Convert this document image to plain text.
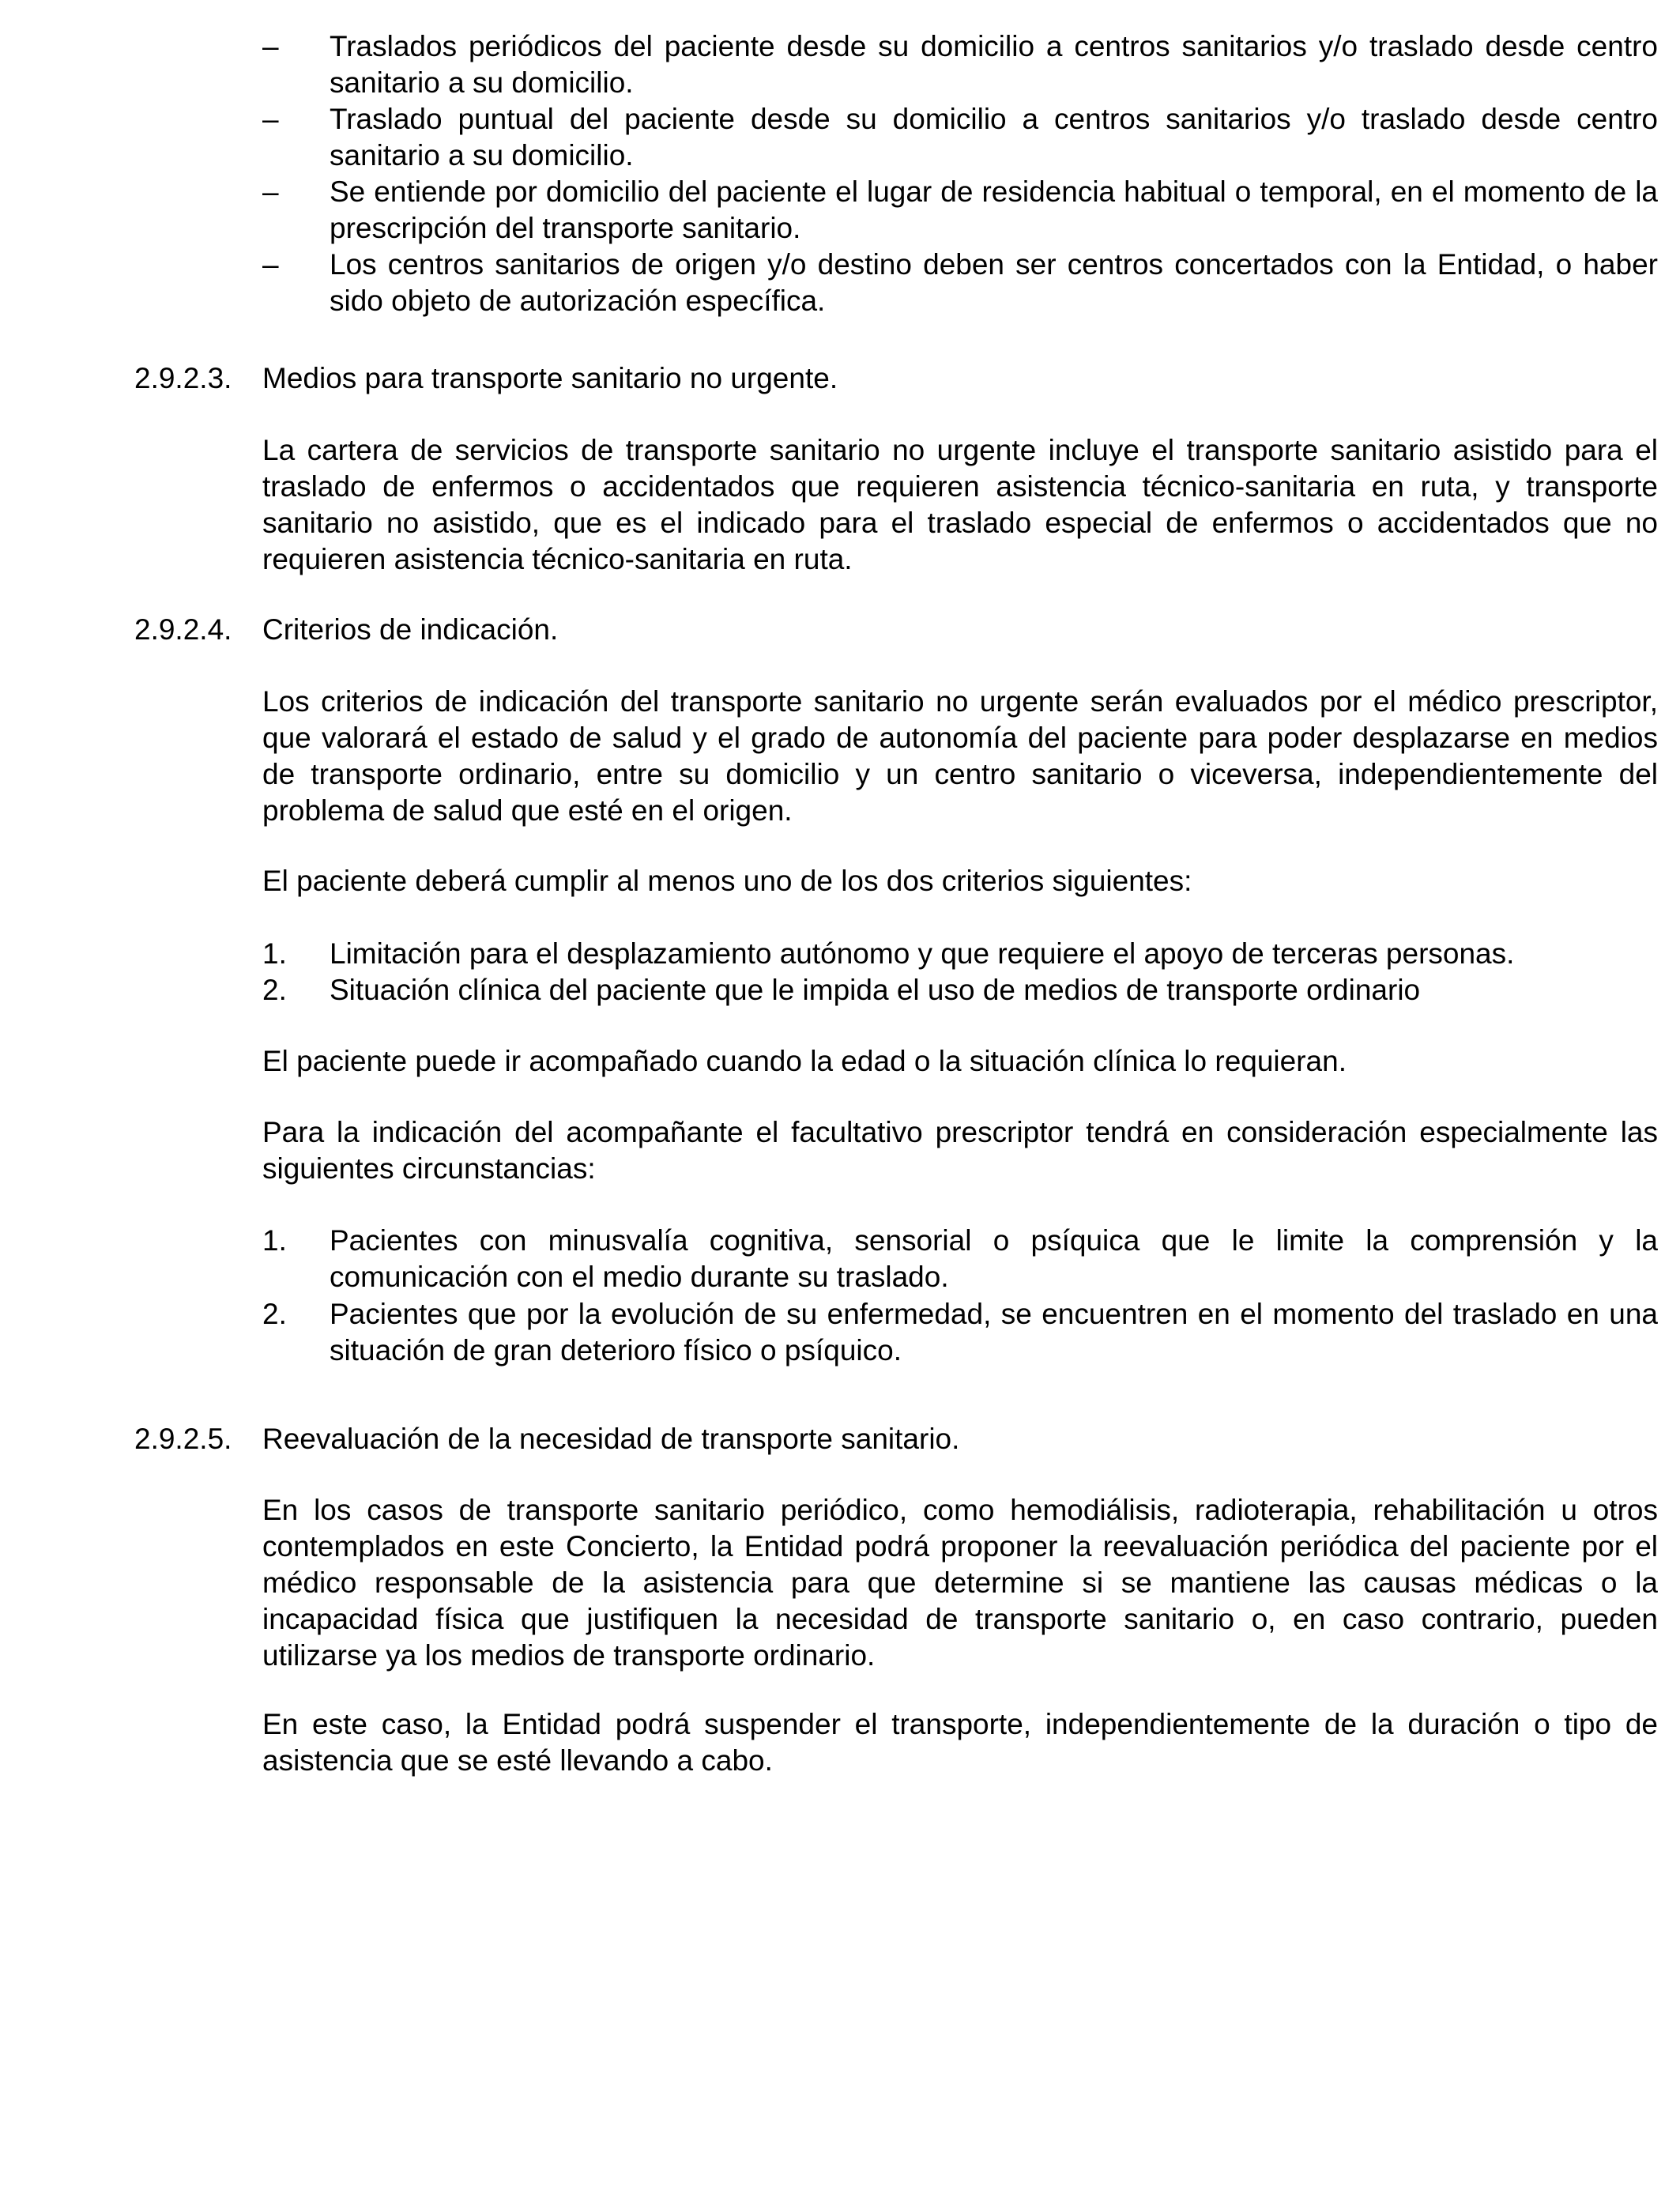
– Traslados periódicos del paciente desde su domicilio a centros sanitarios y/o traslado desde centro sanitario a su domicilio.
– Traslado puntual del paciente desde su domicilio a centros sanitarios y/o traslado desde centro sanitario a su domicilio.
– Se entiende por domicilio del paciente el lugar de residencia habitual o temporal, en el momento de la prescripción del transporte sanitario.
– Los centros sanitarios de origen y/o destino deben ser centros concertados con la Entidad, o haber sido objeto de autorización específica.
2.9.2.3. Medios para transporte sanitario no urgente.

La cartera de servicios de transporte sanitario no urgente incluye el transporte sanitario asistido para el traslado de enfermos o accidentados que requieren asistencia técnico-sanitaria en ruta, y transporte sanitario no asistido, que es el indicado para el traslado especial de enfermos o accidentados que no requieren asistencia técnico-sanitaria en ruta.

2.9.2.4. Criterios de indicación.

Los criterios de indicación del transporte sanitario no urgente serán evaluados por el médico prescriptor, que valorará el estado de salud y el grado de autonomía del paciente para poder desplazarse en medios de transporte ordinario, entre su domicilio y un centro sanitario o viceversa, independientemente del problema de salud que esté en el origen.

El paciente deberá cumplir al menos uno de los dos criterios siguientes:

1. Limitación para el desplazamiento autónomo y que requiere el apoyo de terceras personas.
2. Situación clínica del paciente que le impida el uso de medios de transporte ordinario

El paciente puede ir acompañado cuando la edad o la situación clínica lo requieran.

Para la indicación del acompañante el facultativo prescriptor tendrá en consideración especialmente las siguientes circunstancias:

1. Pacientes con minusvalía cognitiva, sensorial o psíquica que le limite la comprensión y la comunicación con el medio durante su traslado.
2. Pacientes que por la evolución de su enfermedad, se encuentren en el momento del traslado en una situación de gran deterioro físico o psíquico.
2.9.2.5. Reevaluación de la necesidad de transporte sanitario.

En los casos de transporte sanitario periódico, como hemodiálisis, radioterapia, rehabilitación u otros contemplados en este Concierto, la Entidad podrá proponer la reevaluación periódica del paciente por el médico responsable de la asistencia para que determine si se mantiene las causas médicas o la incapacidad física que justifiquen la necesidad de transporte sanitario o, en caso contrario, pueden utilizarse ya los medios de transporte ordinario.

En este caso, la Entidad podrá suspender el transporte, independientemente de la duración o tipo de asistencia que se esté llevando a cabo.
